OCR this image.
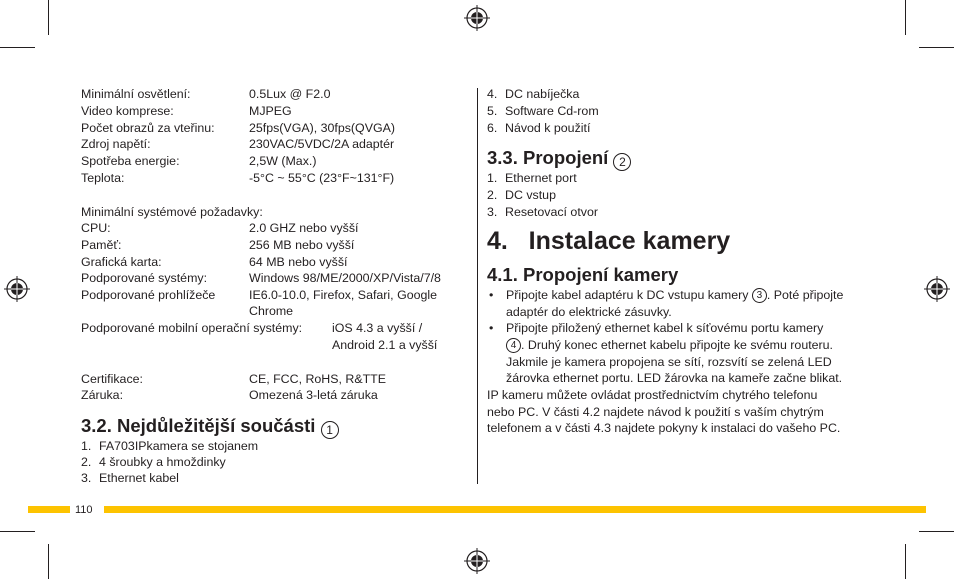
Minimální osvětlení:	0.5Lux @ F2.0
Video komprese:	MJPEG
Počet obrazů za vteřinu:	25fps(VGA), 30fps(QVGA)
Zdroj napětí:	230VAC/5VDC/2A adaptér
Spotřeba energie:	2,5W (Max.)
Teplota:	-5°C ~ 55°C (23°F~131°F)
Minimální systémové požadavky:
CPU:	2.0 GHZ nebo vyšší
Paměť:	256 MB nebo vyšší
Grafická karta:	64 MB nebo vyšší
Podporované systémy:	Windows 98/ME/2000/XP/Vista/7/8
Podporované prohlížeče	IE6.0-10.0, Firefox, Safari, Google
Chrome
Podporované mobilní operační systémy: iOS 4.3 a vyšší /
Android 2.1 a vyšší
Certifikace:	CE, FCC, RoHS, R&TTE
Záruka:	Omezená 3-letá záruka
3.2. Nejdůležitější součásti 1
1. FA703IPkamera se stojanem
2. 4 šroubky a hmoždinky
3. Ethernet kabel
4. DC nabíječka
5. Software Cd-rom
6. Návod k použití
3.3. Propojení 2
1. Ethernet port
2. DC vstup
3. Resetovací otvor
4.   Instalace kamery
4.1. Propojení kamery
• Připojte kabel adaptéru k DC vstupu kamery 3 . Poté připojte
adaptér do elektrické zásuvky.
• Připojte přiložený ethernet kabel k síťovému portu kamery
4 . Druhý konec ethernet kabelu připojte ke svému routeru.
Jakmile je kamera propojena se sítí, rozsvítí se zelená LED
žárovka ethernet portu. LED žárovka na kameře začne blikat.
IP kameru můžete ovládat prostřednictvím chytrého telefonu
nebo PC. V části 4.2 najdete návod k použití s vaším chytrým
telefonem a v části 4.3 najdete pokyny k instalaci do vašeho PC.
110
